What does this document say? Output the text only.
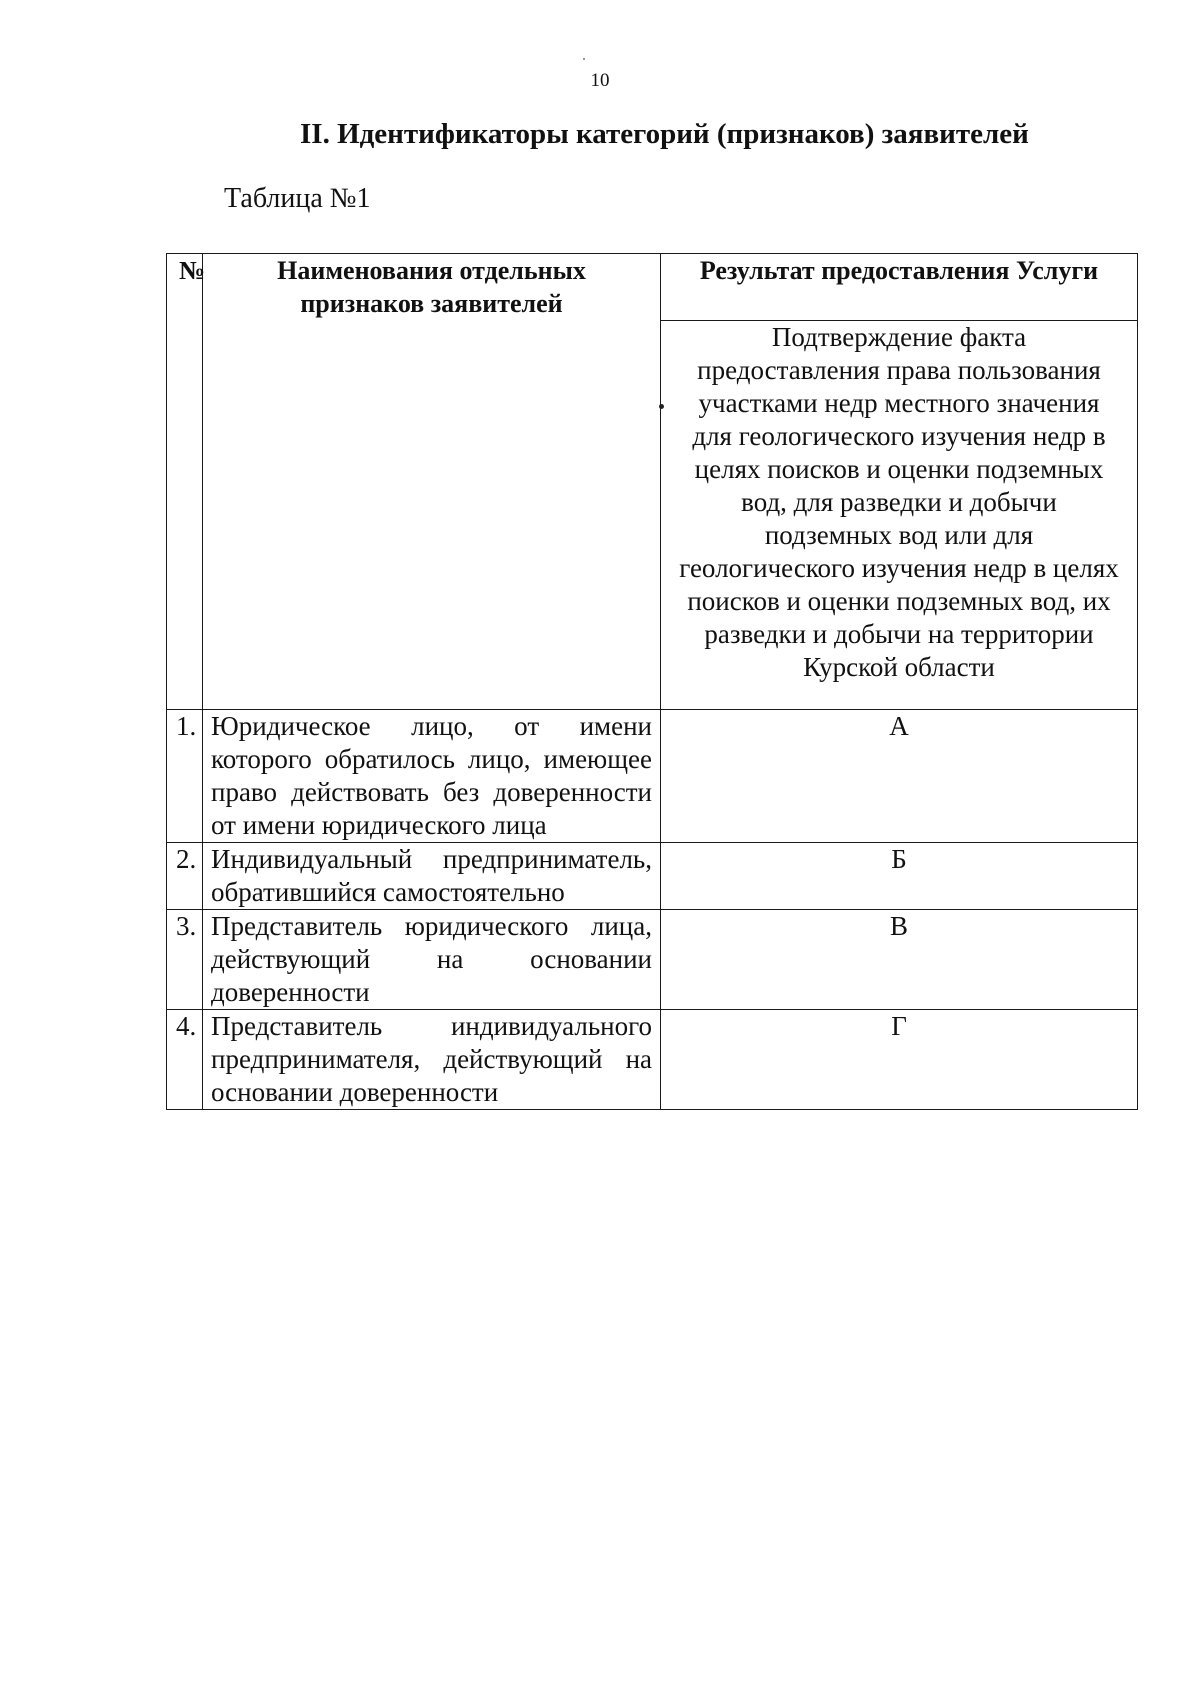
10
II. Идентификаторы категорий (признаков) заявителей
Таблица №1
№	Наименования отдельных признаков заявителей	Результат предоставления Услуги

		Подтверждение факта предоставления права пользования участками недр местного значения для геологического изучения недр в целях поисков и оценки подземных вод, для разведки и добычи подземных вод или для геологического изучения недр в целях поисков и оценки подземных вод, их разведки и добычи на территории Курской области
1.	Юридическое лицо, от имени которого обратилось лицо, имеющее право действовать без доверенности от имени юридического лица	А
2.	Индивидуальный предприниматель, обратившийся самостоятельно	Б
3.	Представитель юридического лица, действующий на основании доверенности	В
4.	Представитель индивидуального предпринимателя, действующий на основании доверенности	Г
